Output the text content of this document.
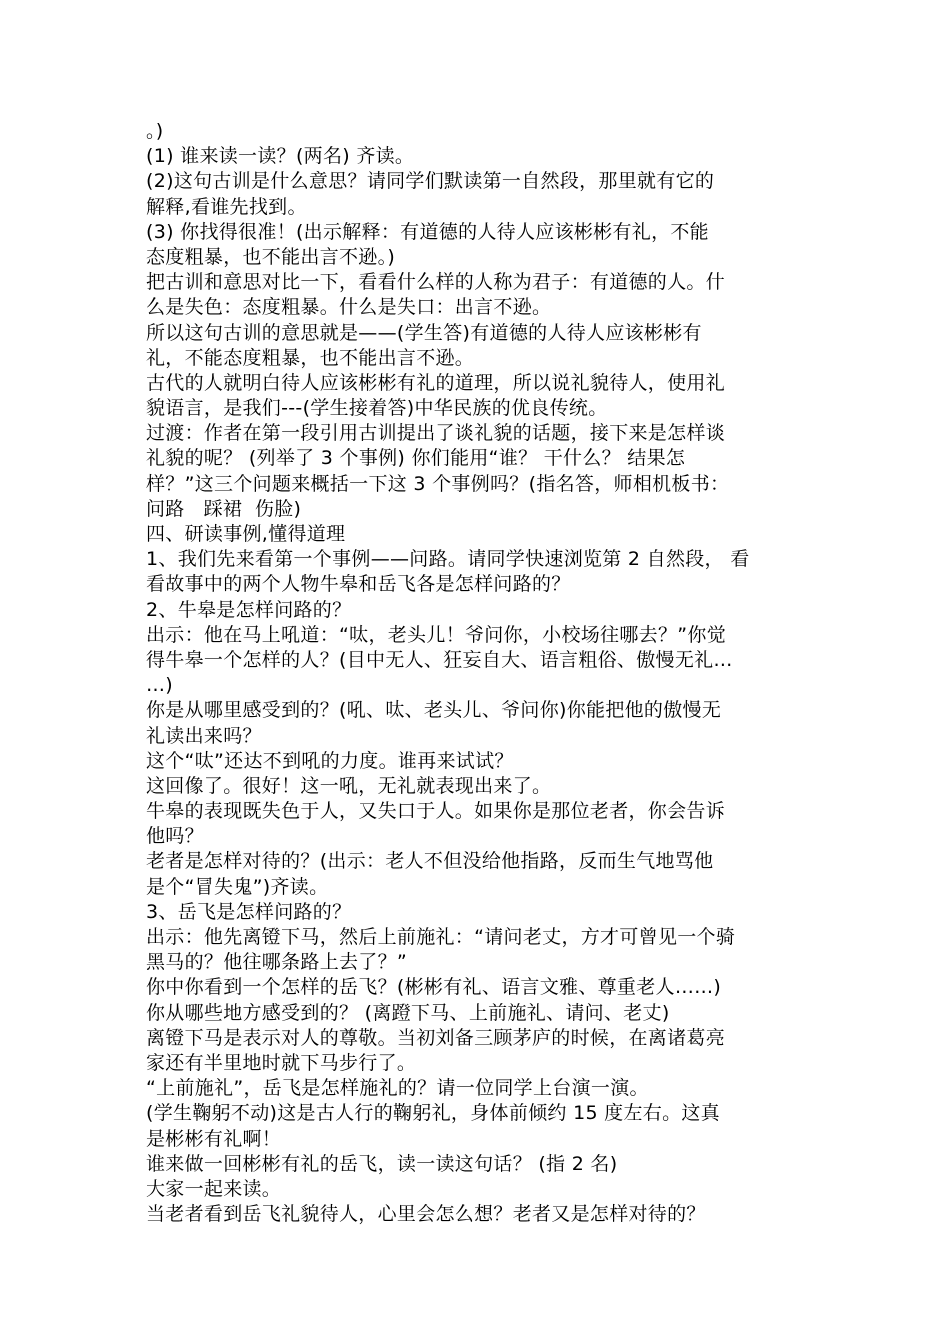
。)
(1) 谁来读一读？(两名) 齐读。
(2)这句古训是什么意思？请同学们默读第一自然段，那里就有它的
解释,看谁先找到。
(3) 你找得很准！(出示解释：有道德的人待人应该彬彬有礼，不能
态度粗暴，也不能出言不逊。)
把古训和意思对比一下，看看什么样的人称为君子：有道德的人。什
么是失色：态度粗暴。什么是失口：出言不逊。
所以这句古训的意思就是——(学生答)有道德的人待人应该彬彬有
礼，不能态度粗暴，也不能出言不逊。
古代的人就明白待人应该彬彬有礼的道理，所以说礼貌待人，使用礼
貌语言，是我们---(学生接着答)中华民族的优良传统。
过渡：作者在第一段引用古训提出了谈礼貌的话题，接下来是怎样谈
礼貌的呢？ (列举了 3 个事例) 你们能用“谁？ 干什么？ 结果怎
样？”这三个问题来概括一下这 3 个事例吗？(指名答，师相机板书：
问路   踩裙  伤脸)
四、研读事例,懂得道理
1、我们先来看第一个事例——问路。请同学快速浏览第 2 自然段， 看
看故事中的两个人物牛皋和岳飞各是怎样问路的？
2、牛皋是怎样问路的？
出示：他在马上吼道：“呔，老头儿！爷问你，小校场往哪去？”你觉
得牛皋一个怎样的人？(目中无人、狂妄自大、语言粗俗、傲慢无礼…
…)
你是从哪里感受到的？(吼、呔、老头儿、爷问你)你能把他的傲慢无
礼读出来吗？
这个“呔”还达不到吼的力度。谁再来试试？
这回像了。很好！这一吼，无礼就表现出来了。
牛皋的表现既失色于人，又失口于人。如果你是那位老者，你会告诉
他吗？
老者是怎样对待的？(出示：老人不但没给他指路，反而生气地骂他
是个“冒失鬼”)齐读。
3、岳飞是怎样问路的？
出示：他先离镫下马，然后上前施礼：“请问老丈，方才可曾见一个骑
黑马的？他往哪条路上去了？”
你中你看到一个怎样的岳飞？(彬彬有礼、语言文雅、尊重老人……)
你从哪些地方感受到的？ (离蹬下马、上前施礼、请问、老丈)
离镫下马是表示对人的尊敬。当初刘备三顾茅庐的时候，在离诸葛亮
家还有半里地时就下马步行了。
“上前施礼”，岳飞是怎样施礼的？请一位同学上台演一演。
(学生鞠躬不动)这是古人行的鞠躬礼，身体前倾约 15 度左右。这真
是彬彬有礼啊！
谁来做一回彬彬有礼的岳飞，读一读这句话？ (指 2 名)
大家一起来读。
当老者看到岳飞礼貌待人，心里会怎么想？老者又是怎样对待的？
